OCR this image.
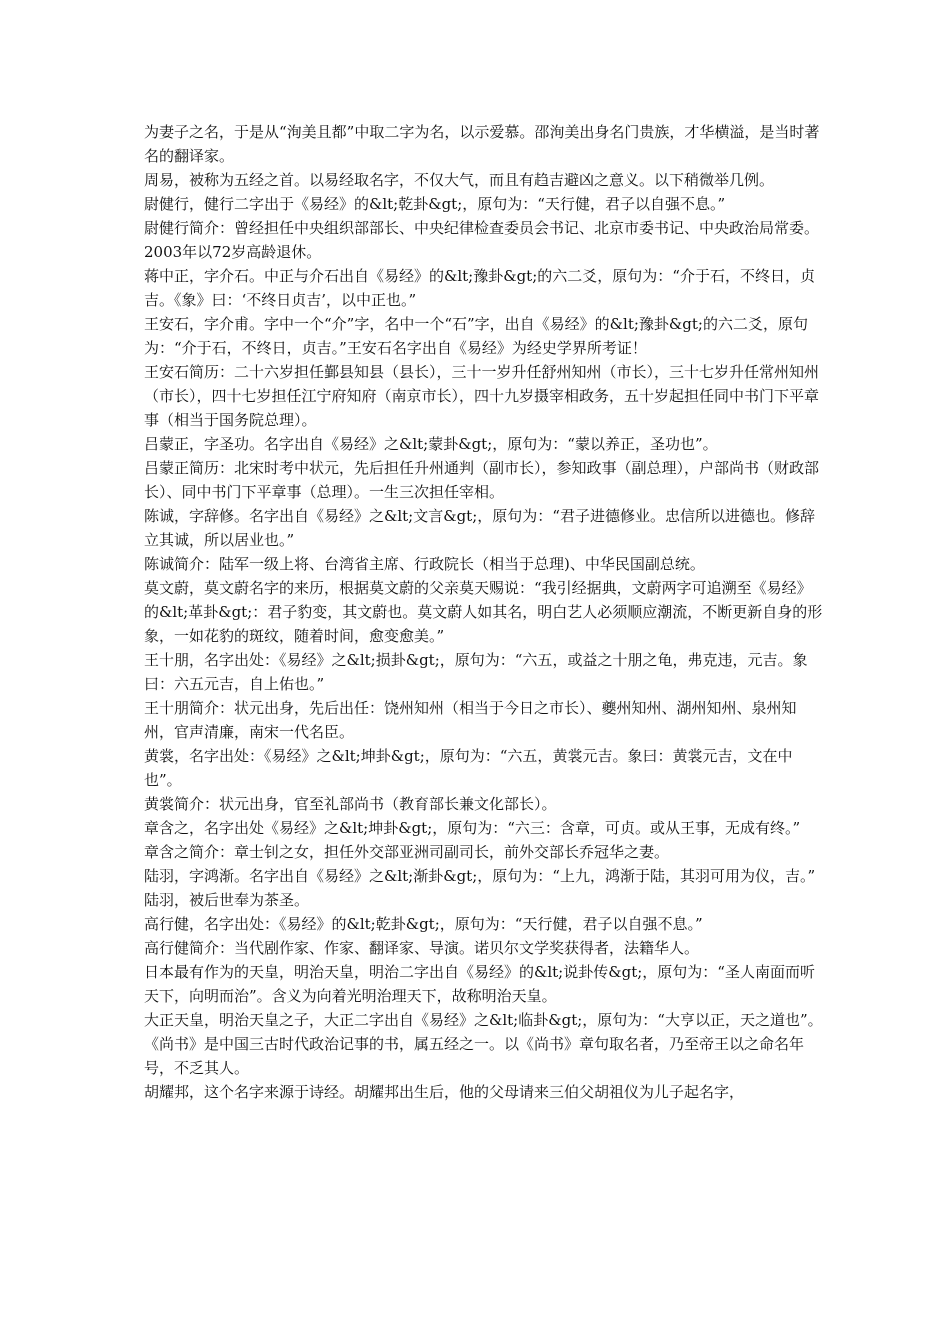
为妻子之名，于是从“洵美且都”中取二字为名，以示爱慕。邵洵美出身名门贵族，才华横溢，是当时著名的翻译家。

周易，被称为五经之首。以易经取名字，不仅大气，而且有趋吉避凶之意义。以下稍微举几例。

尉健行，健行二字出于《易经》的&lt;乾卦&gt;，原句为：“天行健，君子以自强不息。”

尉健行简介：曾经担任中央组织部部长、中央纪律检查委员会书记、北京市委书记、中央政治局常委。2003年以72岁高龄退休。

蒋中正，字介石。中正与介石出自《易经》的&lt;豫卦&gt;的六二爻，原句为：“介于石，不终日，贞吉。《象》曰：‘不终日贞吉’，以中正也。”

王安石，字介甫。字中一个“介”字，名中一个“石”字，出自《易经》的&lt;豫卦&gt;的六二爻，原句为：“介于石，不终日，贞吉。”王安石名字出自《易经》为经史学界所考证！

王安石简历：二十六岁担任鄞县知县（县长），三十一岁升任舒州知州（市长），三十七岁升任常州知州（市长），四十七岁担任江宁府知府（南京市长），四十九岁摄宰相政务，五十岁起担任同中书门下平章事（相当于国务院总理）。

吕蒙正，字圣功。名字出自《易经》之&lt;蒙卦&gt;，原句为：“蒙以养正，圣功也”。

吕蒙正简历：北宋时考中状元，先后担任升州通判（副市长），参知政事（副总理），户部尚书（财政部长）、同中书门下平章事（总理）。一生三次担任宰相。

陈诚，字辞修。名字出自《易经》之&lt;文言&gt;，原句为：“君子进德修业。忠信所以进德也。修辞立其诚，所以居业也。”

陈诚简介：陆军一级上将、台湾省主席、行政院长（相当于总理)、中华民国副总统。

莫文蔚，莫文蔚名字的来历，根据莫文蔚的父亲莫天赐说：“我引经据典，文蔚两字可追溯至《易经》的&lt;革卦&gt;：君子豹变，其文蔚也。莫文蔚人如其名，明白艺人必须顺应潮流，不断更新自身的形象，一如花豹的斑纹，随着时间，愈变愈美。”

王十朋，名字出处：《易经》之&lt;损卦&gt;，原句为：“六五，或益之十朋之龟，弗克违，元吉。象曰：六五元吉，自上佑也。”

王十朋简介：状元出身，先后出任：饶州知州（相当于今日之市长）、夔州知州、湖州知州、泉州知州，官声清廉，南宋一代名臣。

黄裳，名字出处：《易经》之&lt;坤卦&gt;，原句为：“六五，黄裳元吉。象曰：黄裳元吉，文在中也”。

黄裳简介：状元出身，官至礼部尚书（教育部长兼文化部长）。

章含之，名字出处《易经》之&lt;坤卦&gt;，原句为：“六三：含章，可贞。或从王事，无成有终。”

章含之简介：章士钊之女，担任外交部亚洲司副司长，前外交部长乔冠华之妻。

陆羽，字鸿渐。名字出自《易经》之&lt;渐卦&gt;，原句为：“上九，鸿渐于陆，其羽可用为仪，吉。”

陆羽，被后世奉为茶圣。

高行健，名字出处：《易经》的&lt;乾卦&gt;，原句为：“天行健，君子以自强不息。”

高行健简介：当代剧作家、作家、翻译家、导演。诺贝尔文学奖获得者，法籍华人。

日本最有作为的天皇，明治天皇，明治二字出自《易经》的&lt;说卦传&gt;，原句为：“圣人南面而听天下，向明而治”。含义为向着光明治理天下，故称明治天皇。

大正天皇，明治天皇之子，大正二字出自《易经》之&lt;临卦&gt;，原句为：“大亨以正，天之道也”。

《尚书》是中国三古时代政治记事的书，属五经之一。以《尚书》章句取名者，乃至帝王以之命名年号，不乏其人。

胡耀邦，这个名字来源于诗经。胡耀邦出生后，他的父母请来三伯父胡祖仪为儿子起名字，
